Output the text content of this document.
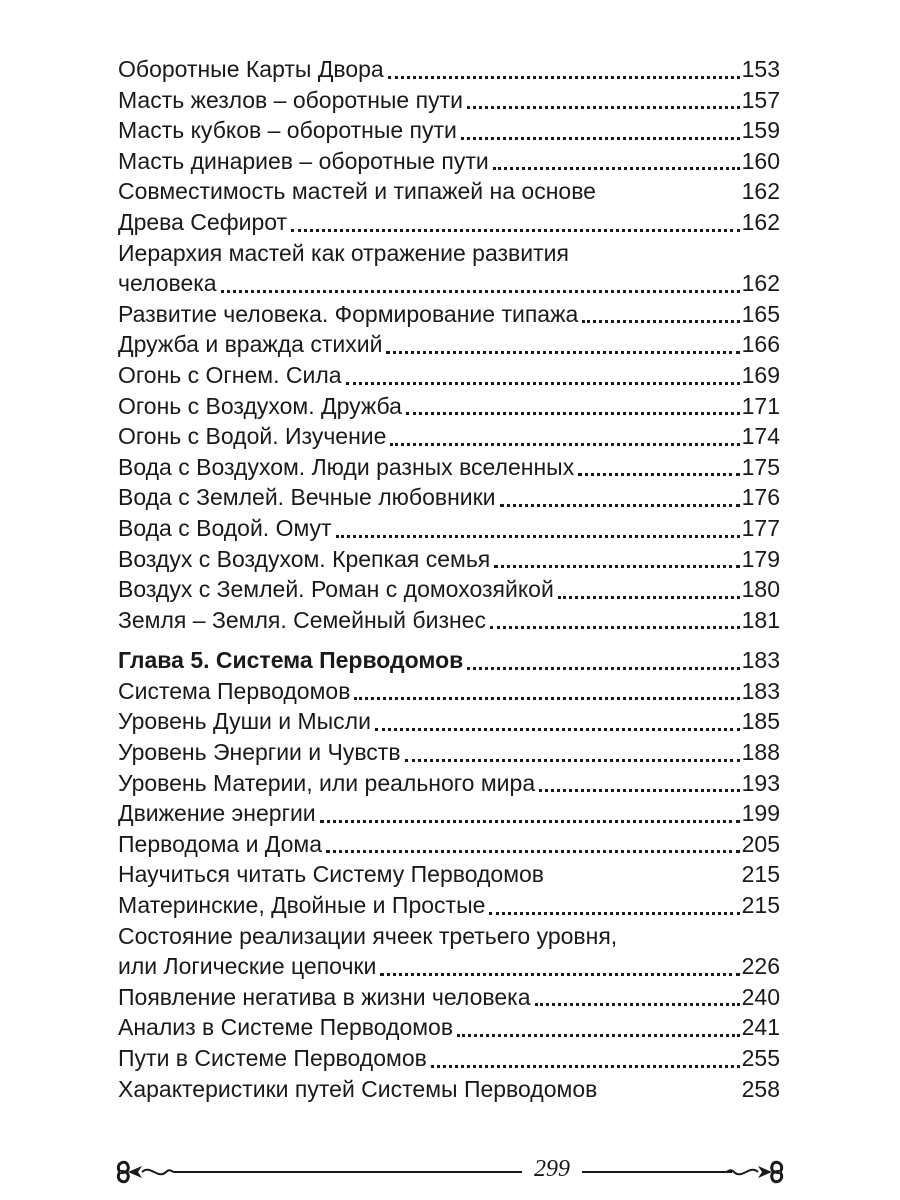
Оборотные Карты Двора	153
Масть жезлов – оборотные пути	157
Масть кубков – оборотные пути	159
Масть динариев – оборотные пути	160
Совместимость мастей и типажей на основе	162
Древа Сефирот	162
Иерархия мастей как отражение развития
человека	162
Развитие человека. Формирование типажа	165
Дружба и вражда стихий	166
Огонь с Огнем. Сила	169
Огонь с Воздухом. Дружба	171
Огонь с Водой. Изучение	174
Вода с Воздухом. Люди разных вселенных	175
Вода с Землей. Вечные любовники	176
Вода с Водой. Омут	177
Воздух с Воздухом. Крепкая семья	179
Воздух с Землей. Роман с домохозяйкой	180
Земля – Земля. Семейный бизнес	181
Глава 5. Система Перводомов	183
Система Перводомов	183
Уровень Души и Мысли	185
Уровень Энергии и Чувств	188
Уровень Материи, или реального мира	193
Движение энергии	199
Перводома и Дома	205
Научиться читать Систему Перводомов	215
Материнские, Двойные и Простые	215
Состояние реализации ячеек третьего уровня,
или Логические цепочки	226
Появление негатива в жизни человека	240
Анализ в Системе Перводомов	241
Пути в Системе Перводомов	255
Характеристики путей Системы Перводомов	258
299
